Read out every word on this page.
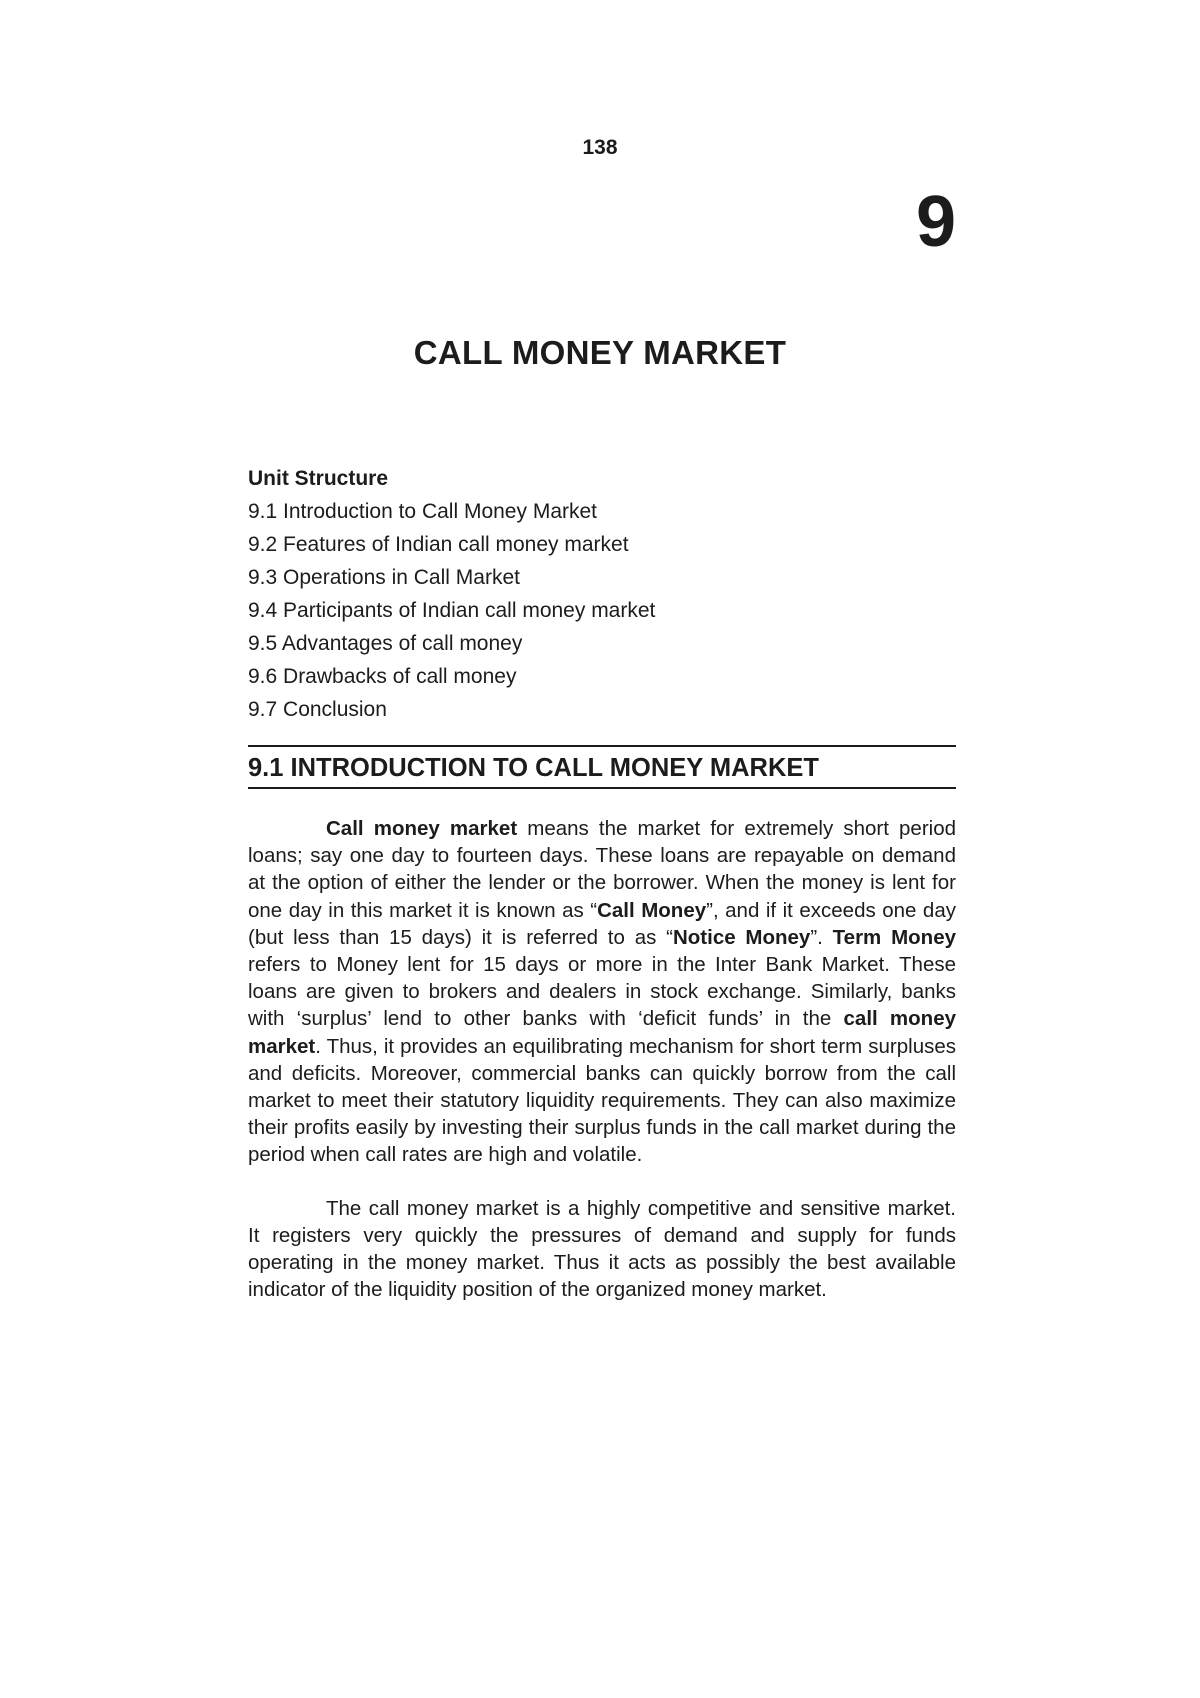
138
9
CALL MONEY MARKET

Unit Structure

9.1 Introduction to Call Money Market
9.2 Features of Indian call money market
9.3 Operations in Call Market
9.4 Participants of Indian call money market
9.5 Advantages of call money
9.6 Drawbacks of call money
9.7 Conclusion
9.1 INTRODUCTION TO CALL MONEY MARKET

Call money market means the market for extremely short period loans; say one day to fourteen days. These loans are repayable on demand at the option of either the lender or the borrower. When the money is lent for one day in this market it is known as “Call Money”, and if it exceeds one day (but less than 15 days) it is referred to as “Notice Money”. Term Money refers to Money lent for 15 days or more in the Inter Bank Market. These loans are given to brokers and dealers in stock exchange. Similarly, banks with ‘surplus’ lend to other banks with ‘deficit funds’ in the call money market. Thus, it provides an equilibrating mechanism for short term surpluses and deficits. Moreover, commercial banks can quickly borrow from the call market to meet their statutory liquidity requirements. They can also maximize their profits easily by investing their surplus funds in the call market during the period when call rates are high and volatile.

The call money market is a highly competitive and sensitive market. It registers very quickly the pressures of demand and supply for funds operating in the money market. Thus it acts as possibly the best available indicator of the liquidity position of the organized money market.
